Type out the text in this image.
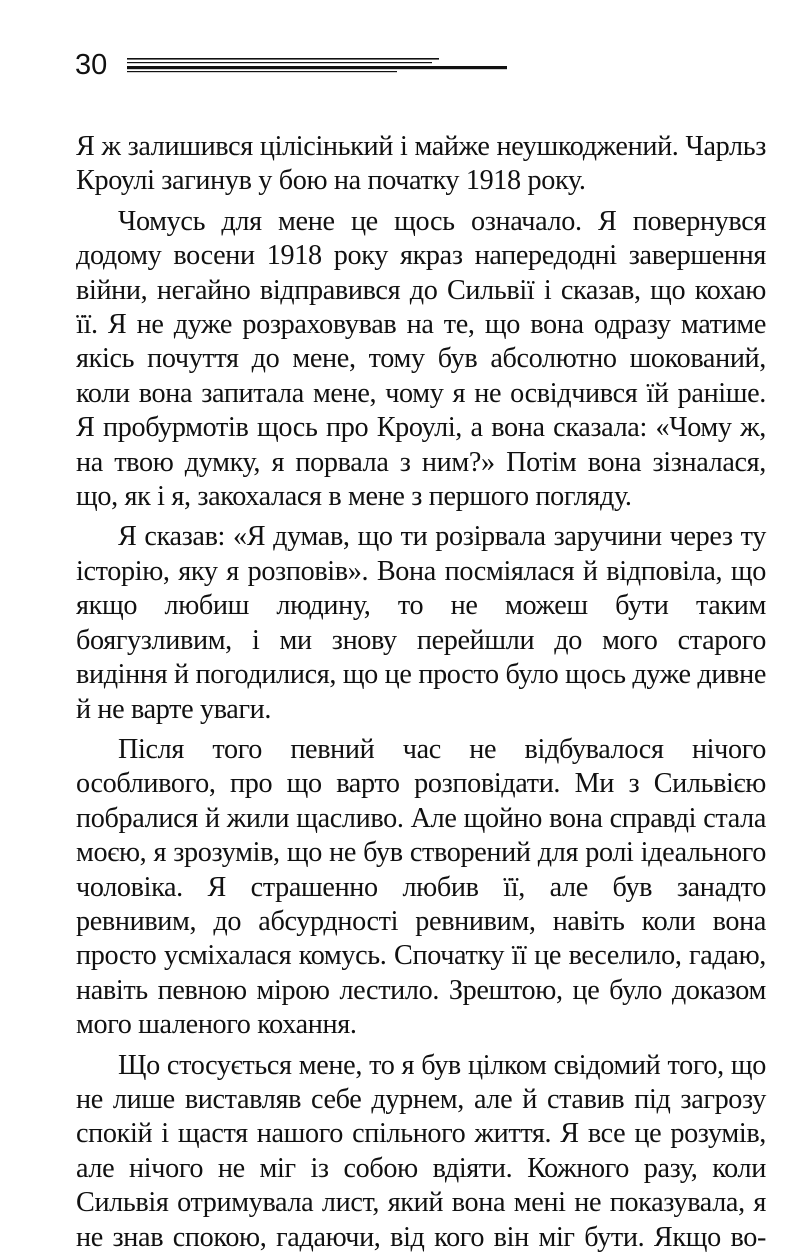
30

Я ж залишився цілісінький і майже неушкоджений. Чарльз Кроулі загинув у бою на початку 1918 року.

Чомусь для мене це щось означало. Я повернувся додому восени 1918 року якраз напередодні завершення війни, негайно відправився до Сильвії і сказав, що кохаю її. Я не дуже розраховував на те, що вона одразу матиме якісь почуття до мене, тому був абсолютно шокований, коли вона запитала мене, чому я не освідчився їй раніше. Я пробурмотів щось про Кроулі, а вона сказала: «Чому ж, на твою думку, я порвала з ним?» Потім вона зізналася, що, як і я, закохалася в мене з першого погляду.

Я сказав: «Я думав, що ти розірвала заручини через ту історію, яку я розповів». Вона посміялася й відповіла, що якщо любиш людину, то не можеш бути таким боягузливим, і ми знову перейшли до мого старого видіння й погодилися, що це просто було щось дуже дивне й не варте уваги.

Після того певний час не відбувалося нічого особливого, про що варто розповідати. Ми з Сильвією побралися й жили щасливо. Але щойно вона справді стала моєю, я зрозумів, що не був створений для ролі ідеального чоловіка. Я страшенно любив її, але був занадто ревнивим, до абсурдності ревнивим, навіть коли вона просто усміхалася комусь. Спочатку її це веселило, гадаю, навіть певною мірою лестило. Зрештою, це було доказом мого шаленого кохання.

Що стосується мене, то я був цілком свідомий того, що не лише виставляв себе дурнем, але й ставив під загрозу спокій і щастя нашого спільного життя. Я все це розумів, але нічого не міг із собою вдіяти. Кожного разу, коли Сильвія отримувала лист, який вона мені не показувала, я не знав спокою, гадаючи, від кого він міг бути. Якщо во-
